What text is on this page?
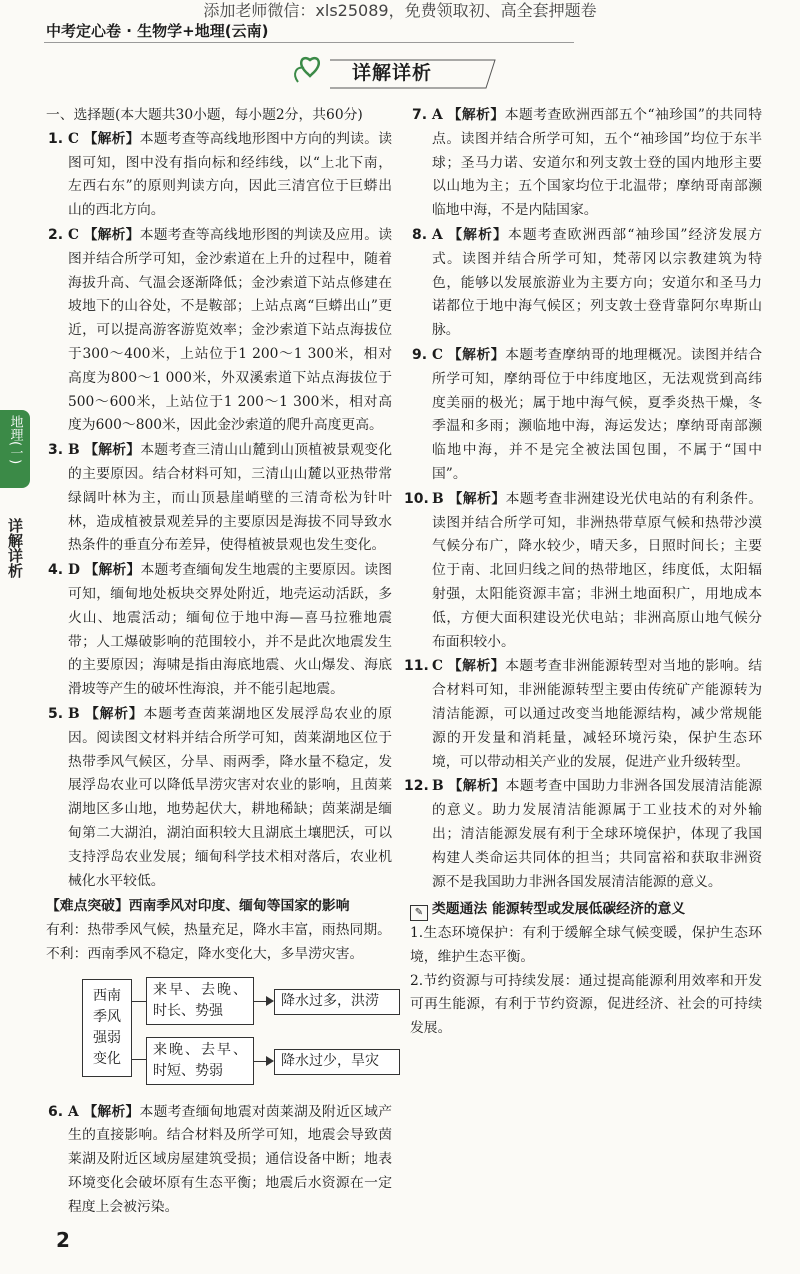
添加老师微信：xls25089，免费领取初、高全套押题卷
中考定心卷 · 生物学+地理(云南)
详解详析
地理
(一)
详解详析

一、选择题(本大题共30小题，每小题2分，共60分)

1. C 【解析】本题考查等高线地形图中方向的判读。读图可知，图中没有指向标和经纬线，以“上北下南，左西右东”的原则判读方向，因此三清宫位于巨蟒出山的西北方向。
2. C 【解析】本题考查等高线地形图的判读及应用。读图并结合所学可知，金沙索道在上升的过程中，随着海拔升高、气温会逐渐降低；金沙索道下站点修建在坡地下的山谷处，不是鞍部；上站点离“巨蟒出山”更近，可以提高游客游览效率；金沙索道下站点海拔位于300～400米，上站位于1 200～1 300米，相对高度为800～1 000米，外双溪索道下站点海拔位于500～600米，上站位于1 200～1 300米，相对高度为600～800米，因此金沙索道的爬升高度更高。
3. B 【解析】本题考查三清山山麓到山顶植被景观变化的主要原因。结合材料可知，三清山山麓以亚热带常绿阔叶林为主，而山顶悬崖峭壁的三清奇松为针叶林，造成植被景观差异的主要原因是海拔不同导致水热条件的垂直分布差异，使得植被景观也发生变化。
4. D 【解析】本题考查缅甸发生地震的主要原因。读图可知，缅甸地处板块交界处附近，地壳运动活跃，多火山、地震活动；缅甸位于地中海—喜马拉雅地震带；人工爆破影响的范围较小，并不是此次地震发生的主要原因；海啸是指由海底地震、火山爆发、海底滑坡等产生的破坏性海浪，并不能引起地震。
5. B 【解析】本题考查茵莱湖地区发展浮岛农业的原因。阅读图文材料并结合所学可知，茵莱湖地区位于热带季风气候区，分旱、雨两季，降水量不稳定，发展浮岛农业可以降低旱涝灾害对农业的影响，且茵莱湖地区多山地，地势起伏大，耕地稀缺；茵莱湖是缅甸第二大湖泊，湖泊面积较大且湖底土壤肥沃，可以支持浮岛农业发展；缅甸科学技术相对落后，农业机械化水平较低。

【难点突破】西南季风对印度、缅甸等国家的影响

有利：热带季风气候，热量充足，降水丰富，雨热同期。

不利：西南季风不稳定，降水变化大，多旱涝灾害。

西南季风强弱变化
来早、去晚、时长、势强
来晚、去早、时短、势弱
降水过多，洪涝
降水过少，旱灾
6. A 【解析】本题考查缅甸地震对茵莱湖及附近区域产生的直接影响。结合材料及所学可知，地震会导致茵莱湖及附近区域房屋建筑受损；通信设备中断；地表环境变化会破坏原有生态平衡；地震后水资源在一定程度上会被污染。
7. A 【解析】本题考查欧洲西部五个“袖珍国”的共同特点。读图并结合所学可知，五个“袖珍国”均位于东半球；圣马力诺、安道尔和列支敦士登的国内地形主要以山地为主；五个国家均位于北温带；摩纳哥南部濒临地中海，不是内陆国家。
8. A 【解析】本题考查欧洲西部“袖珍国”经济发展方式。读图并结合所学可知，梵蒂冈以宗教建筑为特色，能够以发展旅游业为主要方向；安道尔和圣马力诺都位于地中海气候区；列支敦士登背靠阿尔卑斯山脉。
9. C 【解析】本题考查摩纳哥的地理概况。读图并结合所学可知，摩纳哥位于中纬度地区，无法观赏到高纬度美丽的极光；属于地中海气候，夏季炎热干燥，冬季温和多雨；濒临地中海，海运发达；摩纳哥南部濒临地中海，并不是完全被法国包围，不属于“国中国”。
10. B 【解析】本题考查非洲建设光伏电站的有利条件。读图并结合所学可知，非洲热带草原气候和热带沙漠气候分布广，降水较少，晴天多，日照时间长；主要位于南、北回归线之间的热带地区，纬度低，太阳辐射强，太阳能资源丰富；非洲土地面积广，用地成本低，方便大面积建设光伏电站；非洲高原山地气候分布面积较小。
11. C 【解析】本题考查非洲能源转型对当地的影响。结合材料可知，非洲能源转型主要由传统矿产能源转为清洁能源，可以通过改变当地能源结构，减少常规能源的开发量和消耗量，减轻环境污染，保护生态环境，可以带动相关产业的发展，促进产业升级转型。
12. B 【解析】本题考查中国助力非洲各国发展清洁能源的意义。助力发展清洁能源属于工业技术的对外输出；清洁能源发展有利于全球环境保护，体现了我国构建人类命运共同体的担当；共同富裕和获取非洲资源不是我国助力非洲各国发展清洁能源的意义。

✎ 类题通法 能源转型或发展低碳经济的意义

1.生态环境保护：有利于缓解全球气候变暖，保护生态环境，维护生态平衡。

2.节约资源与可持续发展：通过提高能源利用效率和开发可再生能源，有利于节约资源，促进经济、社会的可持续发展。

2
